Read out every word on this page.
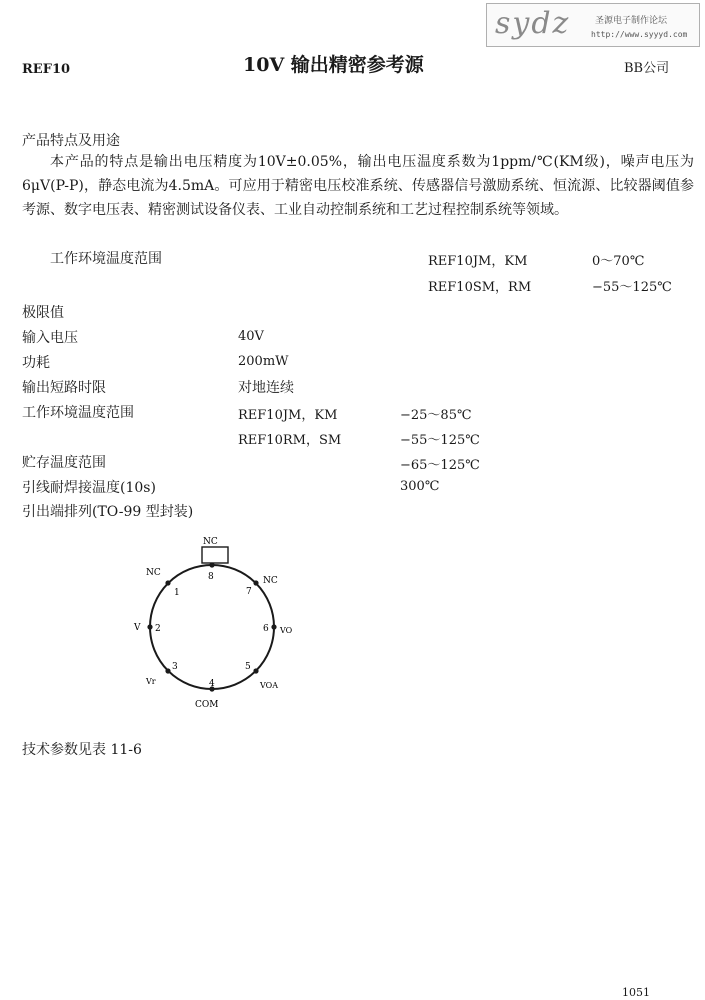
sydz	圣源电子制作论坛
http://www.syyyd.com
REF10	10V 输出精密参考源	BB公司
产品特点及用途

本产品的特点是输出电压精度为10V±0.05%，输出电压温度系数为1ppm/℃(KM级)，噪声电压为6μV(P-P)，静态电流为4.5mA。可应用于精密电压校准系统、传感器信号激励系统、恒流源、比较器阈值参考源、数字电压表、精密测试设备仪表、工业自动控制系统和工艺过程控制系统等领域。

工作环境温度范围	REF10JM，KM	0～70℃
REF10SM，RM	−55～125℃
极限值
输入电压	40V
功耗	200mW
输出短路时限	对地连续
工作环境温度范围	REF10JM，KM	−25～85℃
REF10RM，SM	−55～125℃
贮存温度范围	−65～125℃
引线耐焊接温度(10s)	300℃
引出端排列(TO-99 型封装)
NC
8
7
6
5
4
3
2
1
NC
V
Vr
COM
VOA
VO
NC
技术参数见表 11-6
1051
